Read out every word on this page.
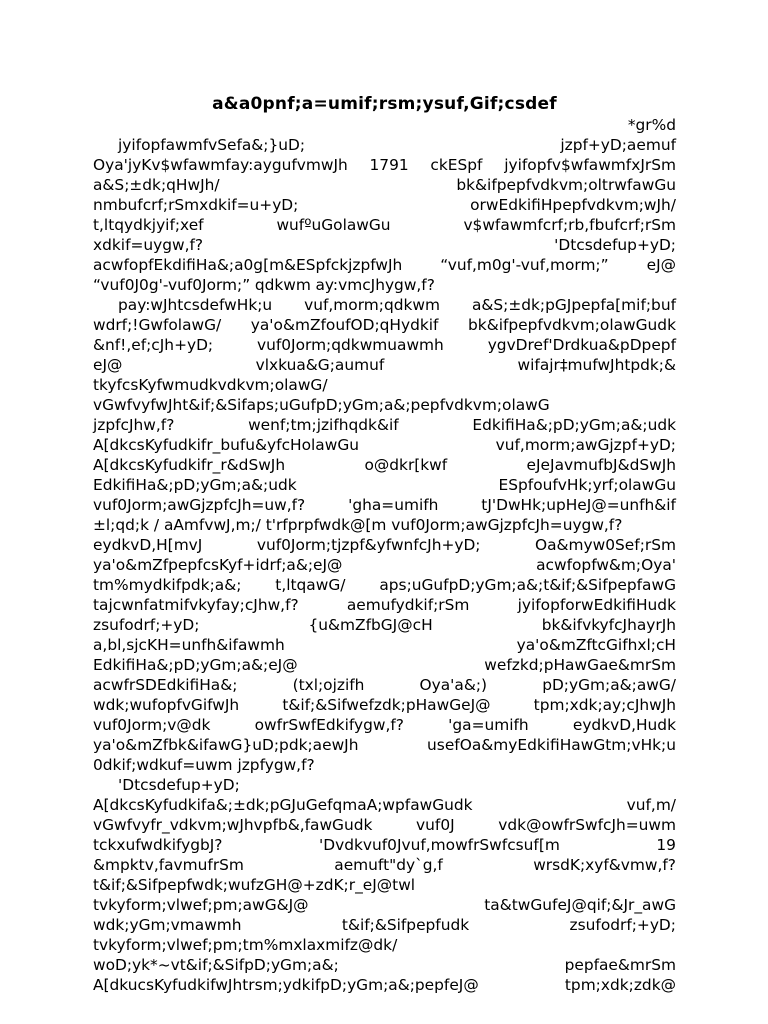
a&a0pnf;a=umif;rsm;ysuf,Gif;csdef
*gr%d
jyifopfawmfvSefa&;}uD;	jzpf+yD;aemuf
Oya'jyKv$wfawmfay:aygufvmwJh 1791 ckESpf jyifopfv$wfawmfxJrSm
a&S;±dk;qHwJh/	bk&ifpepfvdkvm;oltrwfawGu
nmbufcrf;rSmxdkif=u+yD;	orwEdkifiHpepfvdkvm;wJh/
t,ltqydkjyif;xef	wufºuGolawGu	v$wfawmfcrf;rb,fbufcrf;rSm
xdkif=uygw,f?	'Dtcsdefup+yD;
acwfopfEkdifiHa&;a0g[m&ESpfckjzpfwJh “vuf,m0g'-vuf,morm;” eJ@
“vuf0J0g'-vuf0Jorm;” qdkwm ay:vmcJhygw,f?
pay:wJhtcsdefwHk;u vuf,morm;qdkwm a&S;±dk;pGJpepfa[mif;buf
wdrf;!GwfolawG/ ya'o&mZfoufOD;qHydkif bk&ifpepfvdkvm;olawGudk
&nf!,ef;cJh+yD;	vuf0Jorm;qdkwmuawmh	ygvDref'Drdkua&pDpepf
eJ@	vlxkua&G;aumuf	wifajr‡mufwJhtpdk;&
tkyfcsKyfwmudkvdkvm;olawG/
vGwfvyfwJht&if;&Sifaps;uGufpD;yGm;a&;pepfvdkvm;olawG
jzpfcJhw,f?	wenf;tm;jzifhqdk&if	EdkifiHa&;pD;yGm;a&;udk
A[dkcsKyfudkifr_bufu&yfcHolawGu	vuf,morm;awGjzpf+yD;
A[dkcsKyfudkifr_r&dSwJh	o@dkr[kwf	eJeJavmufbJ&dSwJh
EdkifiHa&;pD;yGm;a&;udk	ESpfoufvHk;yrf;olawGu
vuf0Jorm;awGjzpfcJh=uw,f?	'gha=umifh	tJ'DwHk;upHeJ@=unfh&if
±l;qd;k / aAmfvwJ,m;/ t'rfprpfwdk@[m vuf0Jorm;awGjzpfcJh=uygw,f?
eydkvD,H[mvJ	vuf0Jorm;tjzpf&yfwnfcJh+yD;	Oa&myw0Sef;rSm
ya'o&mZfpepfcsKyf+idrf;a&;eJ@	acwfopfw&m;Oya'
tm%mydkifpdk;a&; t,ltqawG/ aps;uGufpD;yGm;a&;t&if;&SifpepfawG
tajcwnfatmifvkyfay;cJhw,f?	aemufydkif;rSm	jyifopforwEdkifiHudk
zsufodrf;+yD;	{u&mZfbGJ@cH	bk&ifvkyfcJhayrJh
a,bl,sjcKH=unfh&ifawmh	ya'o&mZftcGifhxl;cH
EdkifiHa&;pD;yGm;a&;eJ@	wefzkd;pHawGae&mrSm
acwfrSDEdkifiHa&;	(txl;ojzifh	Oya'a&;)	pD;yGm;a&;awG/
wdk;wufopfvGifwJh	t&if;&Sifwefzdk;pHawGeJ@	tpm;xdk;ay;cJhwJh
vuf0Jorm;v@dk	owfrSwfEdkifygw,f?	'ga=umifh	eydkvD,Hudk
ya'o&mZfbk&ifawG}uD;pdk;aewJh	usefOa&myEdkifiHawGtm;vHk;u
0dkif;wdkuf=uwm jzpfygw,f?
'Dtcsdefup+yD;
A[dkcsKyfudkifa&;±dk;pGJuGefqmaA;wpfawGudk	vuf,m/
vGwfvyfr_vdkvm;wJhvpfb&,fawGudk	vuf0J	vdk@owfrSwfcJh=uwm
tckxufwdkifygbJ?	'Dvdkvuf0Jvuf,mowfrSwfcsuf[m	19
&mpktv,favmufrSm	aemuft"dy`g,f	wrsdK;xyf&vmw,f?
t&if;&Sifpepfwdk;wufzGH@+zdK;r_eJ@twl
tvkyform;vlwef;pm;awG&J@	ta&twGufeJ@qif;&Jr_awG
wdk;yGm;vmawmh	t&if;&Sifpepfudk	zsufodrf;+yD;
tvkyform;vlwef;pm;tm%mxlaxmifz@dk/
woD;yk*~vt&if;&SifpD;yGm;a&;	pepfae&mrSm
A[dkucsKyfudkifwJhtrsm;ydkifpD;yGm;a&;pepfeJ@	tpm;xdk;zdk@
